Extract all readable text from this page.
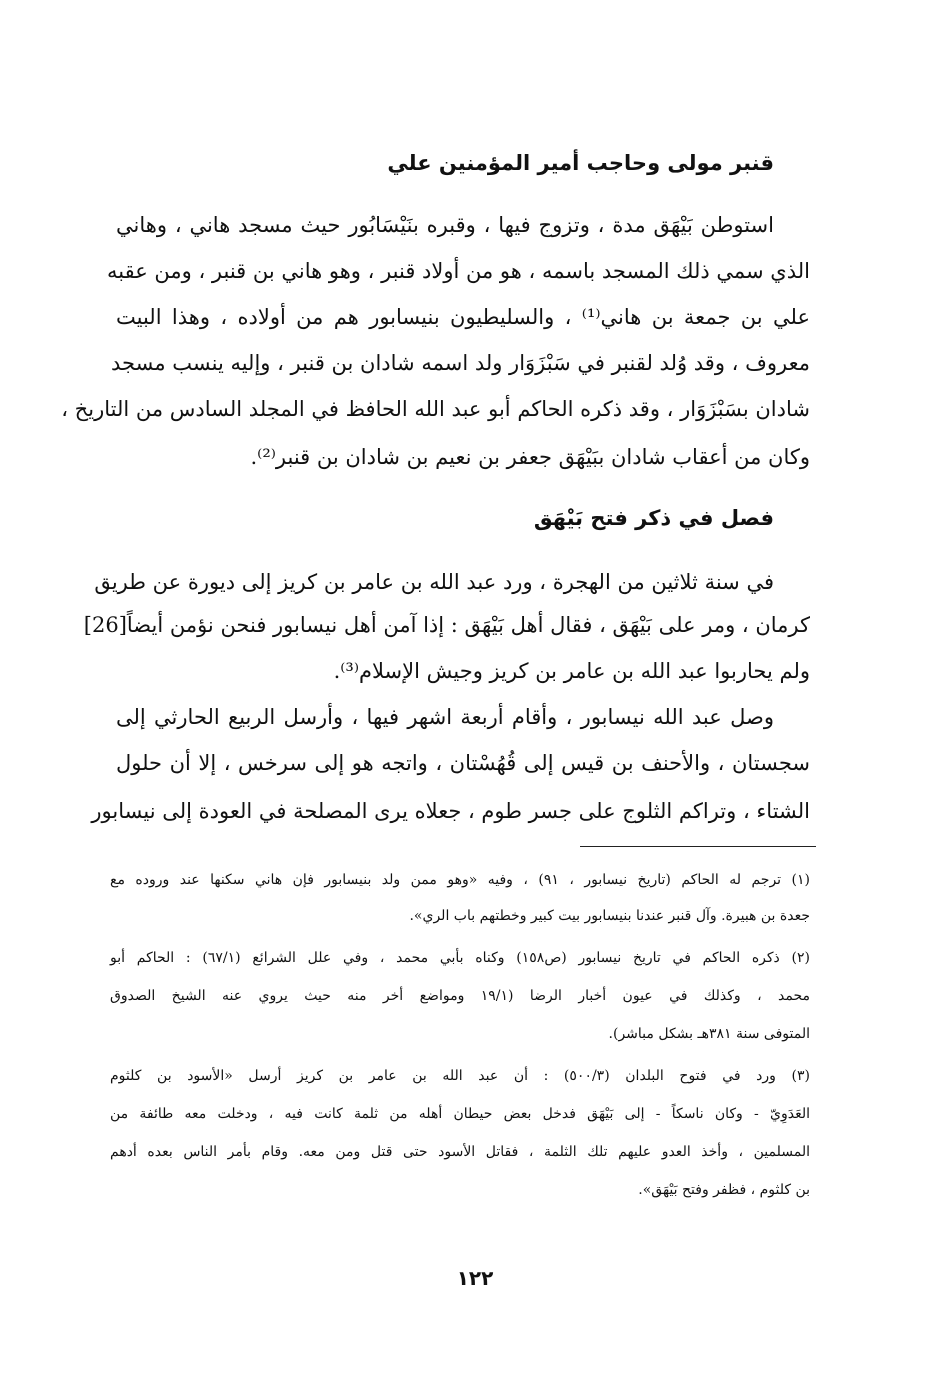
قنبر مولى وحاجب أمير المؤمنين علي
استوطن بَيْهَق مدة ، وتزوج فيها ، وقبره بنَيْسَابُور حيث مسجد هاني ، وهاني
الذي سمي ذلك المسجد باسمه ، هو من أولاد قنبر ، وهو هاني بن قنبر ، ومن عقبه
علي بن جمعة بن هاني⁽¹⁾ ، والسليطيون بنيسابور هم من أولاده ، وهذا البيت
معروف ، وقد وُلد لقنبر في سَبْزَوَار ولد اسمه شادان بن قنبر ، وإليه ينسب مسجد
شادان بسَبْزَوَار ، وقد ذكره الحاكم أبو عبد الله الحافظ في المجلد السادس من التاريخ ،
وكان من أعقاب شادان ببَيْهَق جعفر بن نعيم بن شادان بن قنبر⁽²⁾.
فصل في ذكر فتح بَيْهَق
في سنة ثلاثين من الهجرة ، ورد عبد الله بن عامر بن كريز إلى ديورة عن طريق
كرمان ، ومر على بَيْهَق ، فقال أهل بَيْهَق : إذا آمن أهل نيسابور فنحن نؤمن أيضاً[26]
ولم يحاربوا عبد الله بن عامر بن كريز وجيش الإسلام⁽³⁾.
وصل عبد الله نيسابور ، وأقام أربعة اشهر فيها ، وأرسل الربيع الحارثي إلى
سجستان ، والأحنف بن قيس إلى قُهُسْتان ، واتجه هو إلى سرخس ، إلا أن حلول
الشتاء ، وتراكم الثلوج على جسر طوم ، جعلاه يرى المصلحة في العودة إلى نيسابور
(١) ترجم له الحاكم (تاريخ نيسابور ، ٩١) ، وفيه «وهو ممن ولد بنيسابور فإن هاني سكنها عند وروده مع
جعدة بن هبيرة. وآل قنبر عندنا بنيسابور بيت كبير وخطتهم باب الري».
(٢) ذكره الحاكم في تاريخ نيسابور (ص١٥٨) وكناه بأبي محمد ، وفي علل الشرائع (٦٧/١) : الحاكم أبو
محمد ، وكذلك في عيون أخبار الرضا (١٩/١ ومواضع أخر منه حيث يروي عنه الشيخ الصدوق
المتوفى سنة ٣٨١هـ بشكل مباشر).
(٣) ورد في فتوح البلدان (٥٠٠/٣) : أن عبد الله بن عامر بن كريز أرسل «الأسود بن كلثوم
العَدَوِيّ - وكان ناسكاً - إلى بَيْهَق فدخل بعض حيطان أهله من ثلمة كانت فيه ، ودخلت معه طائفة من
المسلمين ، وأخذ العدو عليهم تلك الثلمة ، فقاتل الأسود حتى قتل ومن معه. وقام بأمر الناس بعده أدهم
بن كلثوم ، فظفر وفتح بَيْهَق».
١٢٢
